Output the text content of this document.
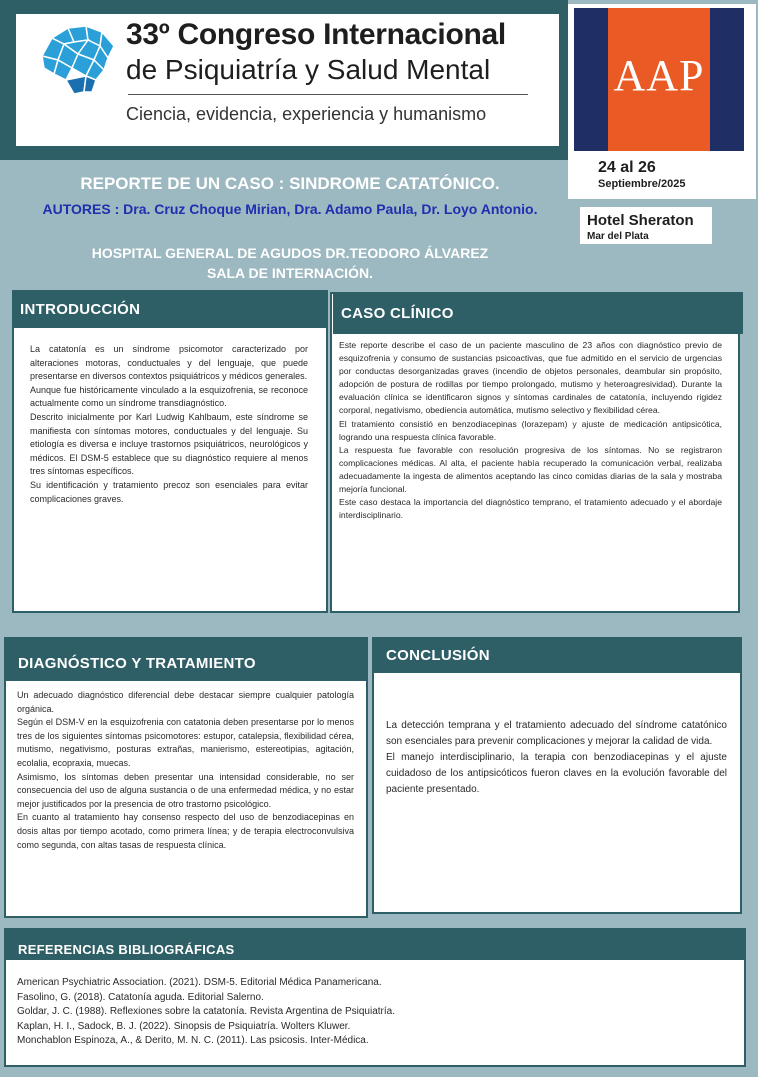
33º Congreso Internacional
de Psiquiatría y Salud Mental
Ciencia, evidencia, experiencia y humanismo
AAP
24 al 26
Septiembre/2025
Hotel Sheraton
Mar del Plata
REPORTE DE UN CASO : SINDROME CATATÓNICO.
AUTORES : Dra. Cruz Choque Mirian, Dra. Adamo Paula, Dr. Loyo Antonio.
HOSPITAL GENERAL DE AGUDOS DR.TEODORO ÁLVAREZ
SALA DE INTERNACIÓN.
INTRODUCCIÓN

La catatonía es un síndrome psicomotor caracterizado por alteraciones motoras, conductuales y del lenguaje, que puede presentarse en diversos contextos psiquiátricos y médicos generales.

Aunque fue históricamente vinculado a la esquizofrenia, se reconoce actualmente como un síndrome transdiagnóstico.

Descrito inicialmente por Karl Ludwig Kahlbaum, este síndrome se manifiesta con síntomas motores, conductuales y del lenguaje. Su etiología es diversa e incluye trastornos psiquiátricos, neurológicos y médicos. El DSM-5 establece que su diagnóstico requiere al menos tres síntomas específicos.

Su identificación y tratamiento precoz son esenciales para evitar complicaciones graves.

CASO CLÍNICO

Este reporte describe el caso de un paciente masculino de 23 años con diagnóstico previo de esquizofrenia y consumo de sustancias psicoactivas, que fue admitido en el servicio de urgencias por conductas desorganizadas graves (incendio de objetos personales, deambular sin propósito, adopción de postura de rodillas por tiempo prolongado, mutismo y heteroagresividad). Durante la evaluación clínica se identificaron signos y síntomas cardinales de catatonía, incluyendo rigidez corporal, negativismo, obediencia automática, mutismo selectivo y flexibilidad cérea.

El tratamiento consistió en benzodiacepinas (lorazepam) y ajuste de medicación antipsicótica, logrando una respuesta clínica favorable.

La respuesta fue favorable con resolución progresiva de los síntomas. No se registraron complicaciones médicas. Al alta, el paciente había recuperado la comunicación verbal, realizaba adecuadamente la ingesta de alimentos aceptando las cinco comidas diarias de la sala y mostraba mejoría funcional.

Este caso destaca la importancia del diagnóstico temprano, el tratamiento adecuado y el abordaje interdisciplinario.

DIAGNÓSTICO Y TRATAMIENTO

Un adecuado diagnóstico diferencial debe destacar siempre cualquier patología orgánica.

Según el DSM-V en la esquizofrenia con catatonia deben presentarse por lo menos tres de los siguientes síntomas psicomotores: estupor, catalepsia, flexibilidad cérea, mutismo, negativismo, posturas extrañas, manierismo, estereotipias, agitación, ecolalia, ecopraxia, muecas.

Asimismo, los síntomas deben presentar una intensidad considerable, no ser consecuencia del uso de alguna sustancia o de una enfermedad médica, y no estar mejor justificados por la presencia de otro trastorno psicológico.

En cuanto al tratamiento hay consenso respecto del uso de benzodiacepinas en dosis altas por tiempo acotado, como primera línea; y de terapia electroconvulsiva como segunda, con altas tasas de respuesta clínica.

CONCLUSIÓN

La detección temprana y el tratamiento adecuado del síndrome catatónico son esenciales para prevenir complicaciones y mejorar la calidad de vida.

El manejo interdisciplinario, la terapia con benzodiacepinas y el ajuste cuidadoso de los antipsicóticos fueron claves en la evolución favorable del paciente presentado.

REFERENCIAS BIBLIOGRÁFICAS

American Psychiatric Association. (2021). DSM-5. Editorial Médica Panamericana.

Fasolino, G. (2018). Catatonía aguda. Editorial Salerno.

Goldar, J. C. (1988). Reflexiones sobre la catatonía. Revista Argentina de Psiquiatría.

Kaplan, H. I., Sadock, B. J. (2022). Sinopsis de Psiquiatría. Wolters Kluwer.

Monchablon Espinoza, A., & Derito, M. N. C. (2011). Las psicosis. Inter-Médica.
